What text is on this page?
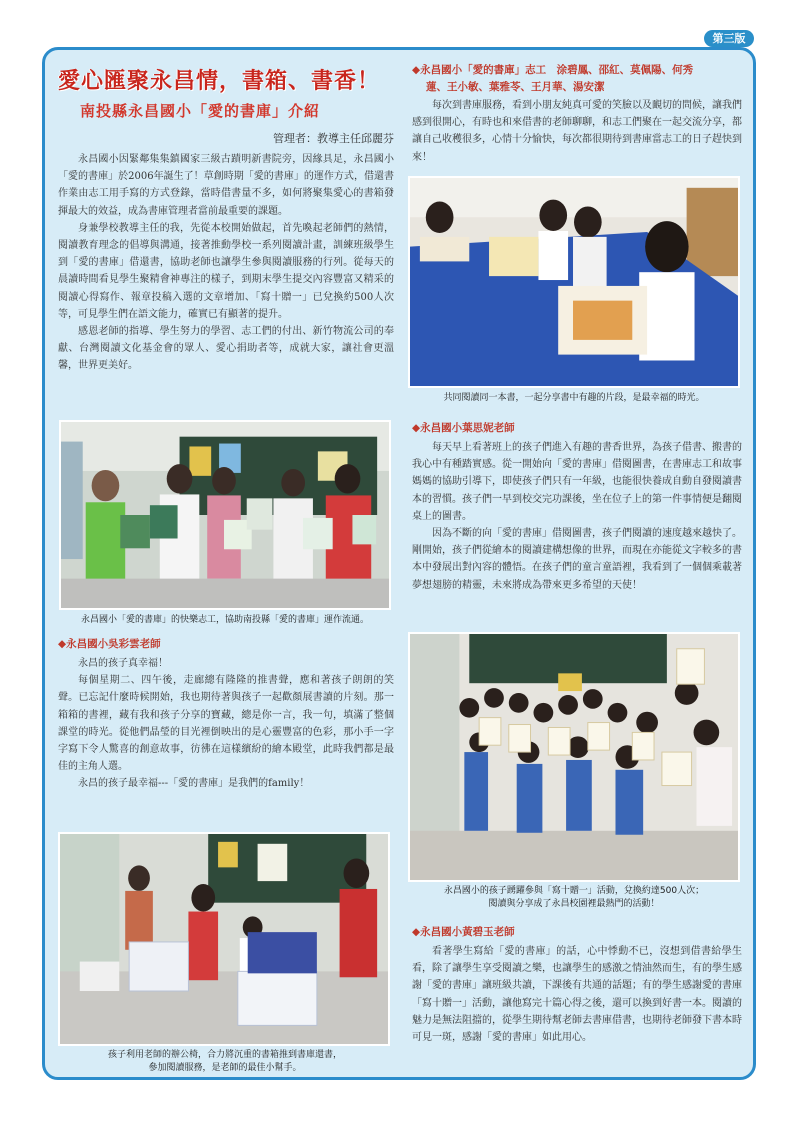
第三版
愛心匯聚永昌情，書箱、書香！
南投縣永昌國小「愛的書庫」介紹
管理者：教導主任邱麗芬

永昌國小因緊鄰集集鎮國家三級古蹟明新書院旁，因緣具足，永昌國小「愛的書庫」於2006年誕生了！草創時期「愛的書庫」的運作方式，借還書作業由志工用手寫的方式登錄，當時借書量不多，如何將聚集愛心的書箱發揮最大的效益，成為書庫管理者當前最重要的課題。

身兼學校教導主任的我，先從本校開始做起，首先喚起老師們的熱情，閱讀教育理念的倡導與溝通，接著推動學校一系列閱讀計畫，訓練班級學生到「愛的書庫」借還書，協助老師也讓學生參與閱讀服務的行列。從每天的晨讀時間看見學生聚精會神專注的樣子，到期末學生提交內容豐富又精采的閱讀心得寫作、報章投稿入選的文章增加、「寫十贈一」已兌換約500人次等，可見學生們在語文能力，確實已有顯著的提升。

感恩老師的指導、學生努力的學習、志工們的付出、新竹物流公司的奉獻、台灣閱讀文化基金會的眾人、愛心捐助者等，成就大家，讓社會更溫馨，世界更美好。

永昌國小「愛的書庫」的快樂志工，協助南投縣「愛的書庫」運作流通。

◆永昌國小吳彩雲老師

永昌的孩子真幸福！

每個星期二、四午後，走廊總有隆隆的推書聲，應和著孩子朗朗的笑聲。已忘記什麼時候開始，我也期待著與孩子一起歡顏展書讀的片刻。那一箱箱的書裡，藏有我和孩子分享的寶藏，總是你一言，我一句，填滿了整個課堂的時光。從他們晶瑩的目光裡倒映出的是心靈豐富的色彩，那小手一字字寫下令人驚喜的創意故事，彷彿在這樣繽紛的繪本殿堂，此時我們都是最佳的主角人選。

永昌的孩子最幸福---「愛的書庫」是我們的family！

孩子利用老師的辦公椅，合力將沉重的書箱推到書庫還書，
參加閱讀服務，是老師的最佳小幫手。

◆永昌國小「愛的書庫」志工　涂碧鳳、邵紅、莫佩陽、何秀

蓮、王小敏、葉雅苓、王月華、湯安潔

每次到書庫服務，看到小朋友純真可愛的笑臉以及靦切的問候，讓我們感到很開心，有時也和來借書的老師聊聊，和志工們聚在一起交流分享，都讓自己收穫很多，心情十分愉快，每次都很期待到書庫當志工的日子趕快到來！

共同閱讀同一本書，一起分享書中有趣的片段，是最幸福的時光。

◆永昌國小葉思妮老師

每天早上看著班上的孩子們進入有趣的書香世界，為孩子借書、搬書的我心中有種踏實感。從一開始向「愛的書庫」借閱圖書，在書庫志工和故事媽媽的協助引導下，即使孩子們只有一年級，也能很快養成自動自發閱讀書本的習慣。孩子們一早到校交完功課後，坐在位子上的第一件事情便是翻閱桌上的圖書。

因為不斷的向「愛的書庫」借閱圖書，孩子們閱讀的速度越來越快了。剛開始，孩子們從繪本的閱讀建構想像的世界，而現在亦能從文字較多的書本中發展出對內容的體悟。在孩子們的童言童語裡，我看到了一個個乘載著夢想翅膀的精靈，未來將成為帶來更多希望的天使！

永昌國小的孩子踴躍參與「寫十贈一」活動，兌換約達500人次；
閱讀與分享成了永昌校園裡最熱門的活動！

◆永昌國小黃碧玉老師

看著學生寫給「愛的書庫」的話，心中悸動不已，沒想到借書給學生看，除了讓學生享受閱讀之樂，也讓學生的感激之情油然而生，有的學生感謝「愛的書庫」讓班級共讀，下課後有共通的話題；有的學生感謝愛的書庫「寫十贈一」活動，讓他寫完十篇心得之後，還可以換到好書一本。閱讀的魅力是無法阻擋的，從學生期待幫老師去書庫借書，也期待老師發下書本時可見一斑，感謝「愛的書庫」如此用心。
